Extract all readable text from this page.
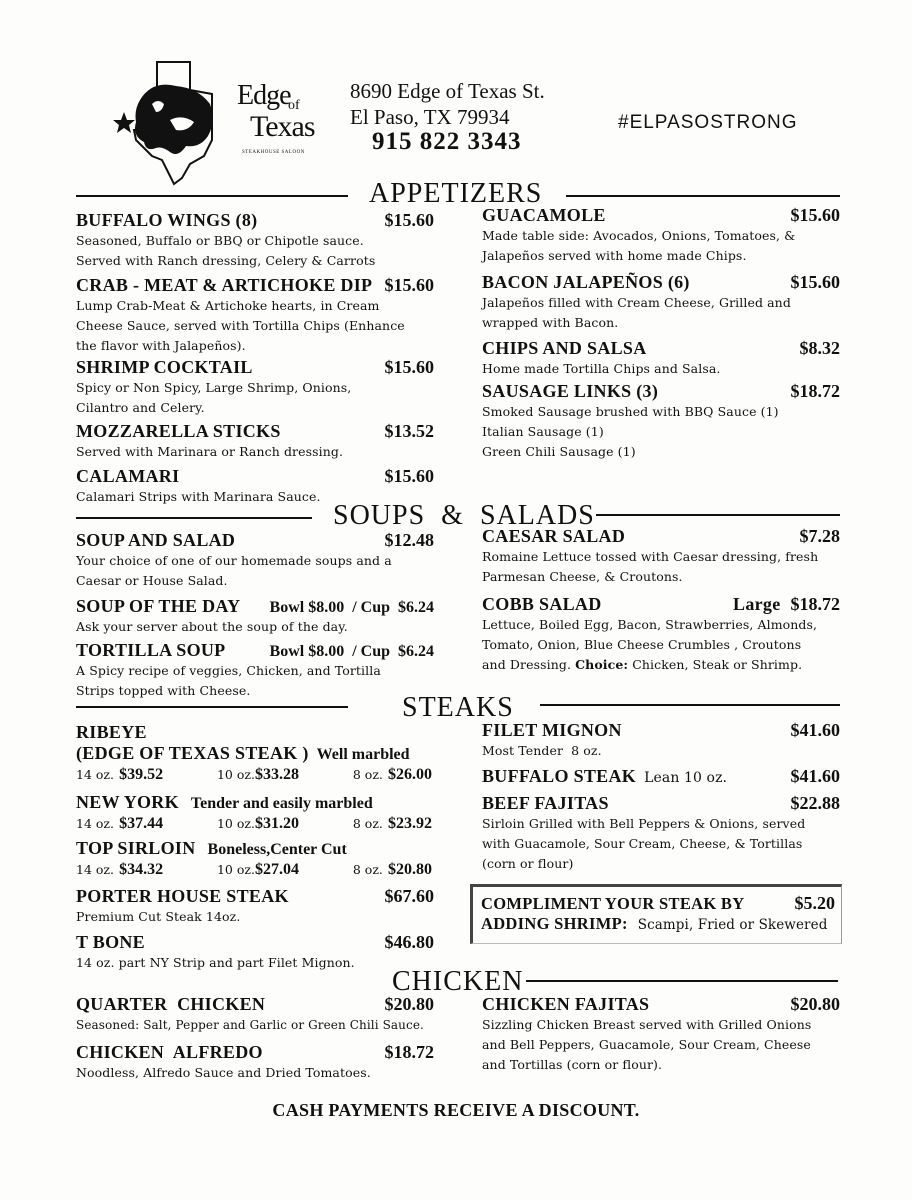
Edge
of
Texas
STEAKHOUSE SALOON
8690 Edge of Texas St.
El Paso, TX 79934
915 822 3343
#ELPASOSTRONG
APPETIZERS
BUFFALO WINGS (8)	$15.60
Seasoned, Buffalo or BBQ or Chipotle sauce.
Served with Ranch dressing, Celery & Carrots
CRAB - MEAT & ARTICHOKE DIP $15.60
Lump Crab-Meat & Artichoke hearts, in Cream
Cheese Sauce, served with Tortilla Chips (Enhance
the flavor with Jalapeños).
SHRIMP COCKTAIL	$15.60
Spicy or Non Spicy, Large Shrimp, Onions,
Cilantro and Celery.
MOZZARELLA STICKS	$13.52
Served with Marinara or Ranch dressing.
CALAMARI	$15.60
Calamari Strips with Marinara Sauce.
GUACAMOLE	$15.60
Made table side: Avocados, Onions, Tomatoes, &
Jalapeños served with home made Chips.
BACON JALAPEÑOS (6)	$15.60
Jalapeños filled with Cream Cheese, Grilled and
wrapped with Bacon.
CHIPS AND SALSA	$8.32
Home made Tortilla Chips and Salsa.
SAUSAGE LINKS (3)	$18.72
Smoked Sausage brushed with BBQ Sauce (1)
Italian Sausage (1)
Green Chili Sausage (1)
SOUPS  &  SALADS
SOUP AND SALAD	$12.48
Your choice of one of our homemade soups and a
Caesar or House Salad.
SOUP OF THE DAY Bowl $8.00  / Cup  $6.24
Ask your server about the soup of the day.
TORTILLA SOUP	Bowl $8.00  / Cup  $6.24
A Spicy recipe of veggies, Chicken, and Tortilla
Strips topped with Cheese.
CAESAR SALAD	$7.28
Romaine Lettuce tossed with Caesar dressing, fresh
Parmesan Cheese, & Croutons.
COBB SALAD	Large $18.72
Lettuce, Boiled Egg, Bacon, Strawberries, Almonds,
Tomato, Onion, Blue Cheese Crumbles , Croutons
and Dressing. Choice: Chicken, Steak or Shrimp.
STEAKS
RIBEYE
(EDGE OF TEXAS STEAK ) Well marbled
14 oz. $39.52	10 oz.$33.28	8 oz. $26.00
NEW YORK Tender and easily marbled
14 oz. $37.44	10 oz.$31.20	8 oz. $23.92
TOP SIRLOIN Boneless,Center Cut
14 oz. $34.32	10 oz.$27.04	8 oz. $20.80
PORTER HOUSE STEAK	$67.60
Premium Cut Steak 14oz.
T BONE	$46.80
14 oz. part NY Strip and part Filet Mignon.
FILET MIGNON	$41.60
Most Tender  8 oz.
BUFFALO STEAK Lean 10 oz.	$41.60
BEEF FAJITAS	$22.88
Sirloin Grilled with Bell Peppers & Onions, served
with Guacamole, Sour Cream, Cheese, & Tortillas
(corn or flour)
COMPLIMENT YOUR STEAK BY	$5.20
ADDING SHRIMP: Scampi, Fried or Skewered
CHICKEN
QUARTER  CHICKEN	$20.80
Seasoned: Salt, Pepper and Garlic or Green Chili Sauce.
CHICKEN  ALFREDO	$18.72
Noodless, Alfredo Sauce and Dried Tomatoes.
CHICKEN FAJITAS	$20.80
Sizzling Chicken Breast served with Grilled Onions
and Bell Peppers, Guacamole, Sour Cream, Cheese
and Tortillas (corn or flour).
CASH PAYMENTS RECEIVE A DISCOUNT.
